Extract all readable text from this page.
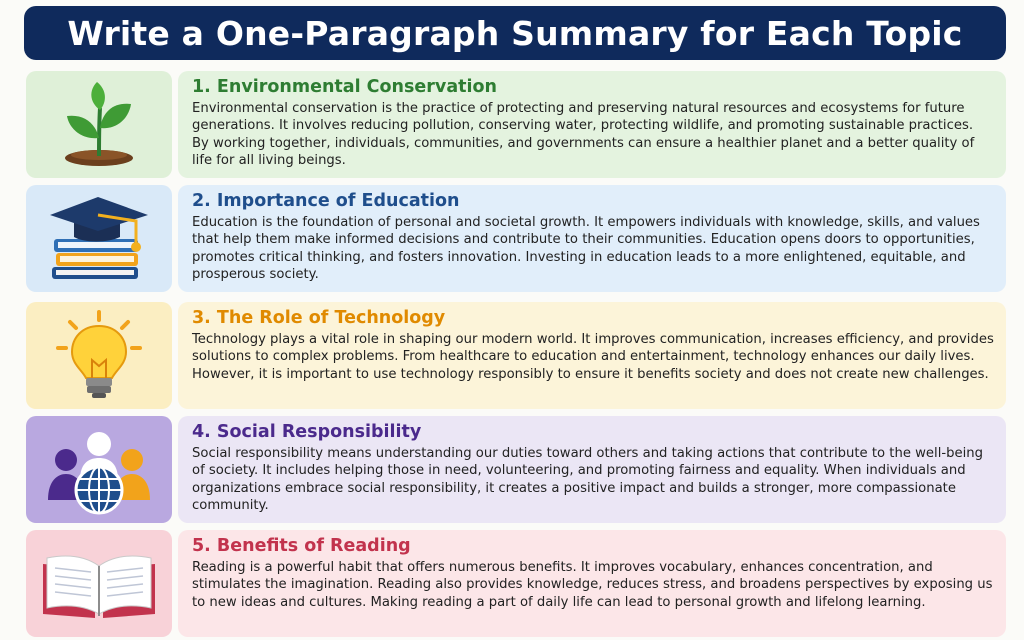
Write a One-Paragraph Summary for Each Topic
1. Environmental Conservation

Environmental conservation is the practice of protecting and preserving natural resources and ecosystems for future generations. It involves reducing pollution, conserving water, protecting wildlife, and promoting sustainable practices. By working together, individuals, communities, and governments can ensure a healthier planet and a better quality of life for all living beings.

2. Importance of Education

Education is the foundation of personal and societal growth. It empowers individuals with knowledge, skills, and values that help them make informed decisions and contribute to their communities. Education opens doors to opportunities, promotes critical thinking, and fosters innovation. Investing in education leads to a more enlightened, equitable, and prosperous society.

3. The Role of Technology

Technology plays a vital role in shaping our modern world. It improves communication, increases efficiency, and provides solutions to complex problems. From healthcare to education and entertainment, technology enhances our daily lives. However, it is important to use technology responsibly to ensure it benefits society and does not create new challenges.

4. Social Responsibility

Social responsibility means understanding our duties toward others and taking actions that contribute to the well-being of society. It includes helping those in need, volunteering, and promoting fairness and equality. When individuals and organizations embrace social responsibility, it creates a positive impact and builds a stronger, more compassionate community.

5. Benefits of Reading

Reading is a powerful habit that offers numerous benefits. It improves vocabulary, enhances concentration, and stimulates the imagination. Reading also provides knowledge, reduces stress, and broadens perspectives by exposing us to new ideas and cultures. Making reading a part of daily life can lead to personal growth and lifelong learning.
